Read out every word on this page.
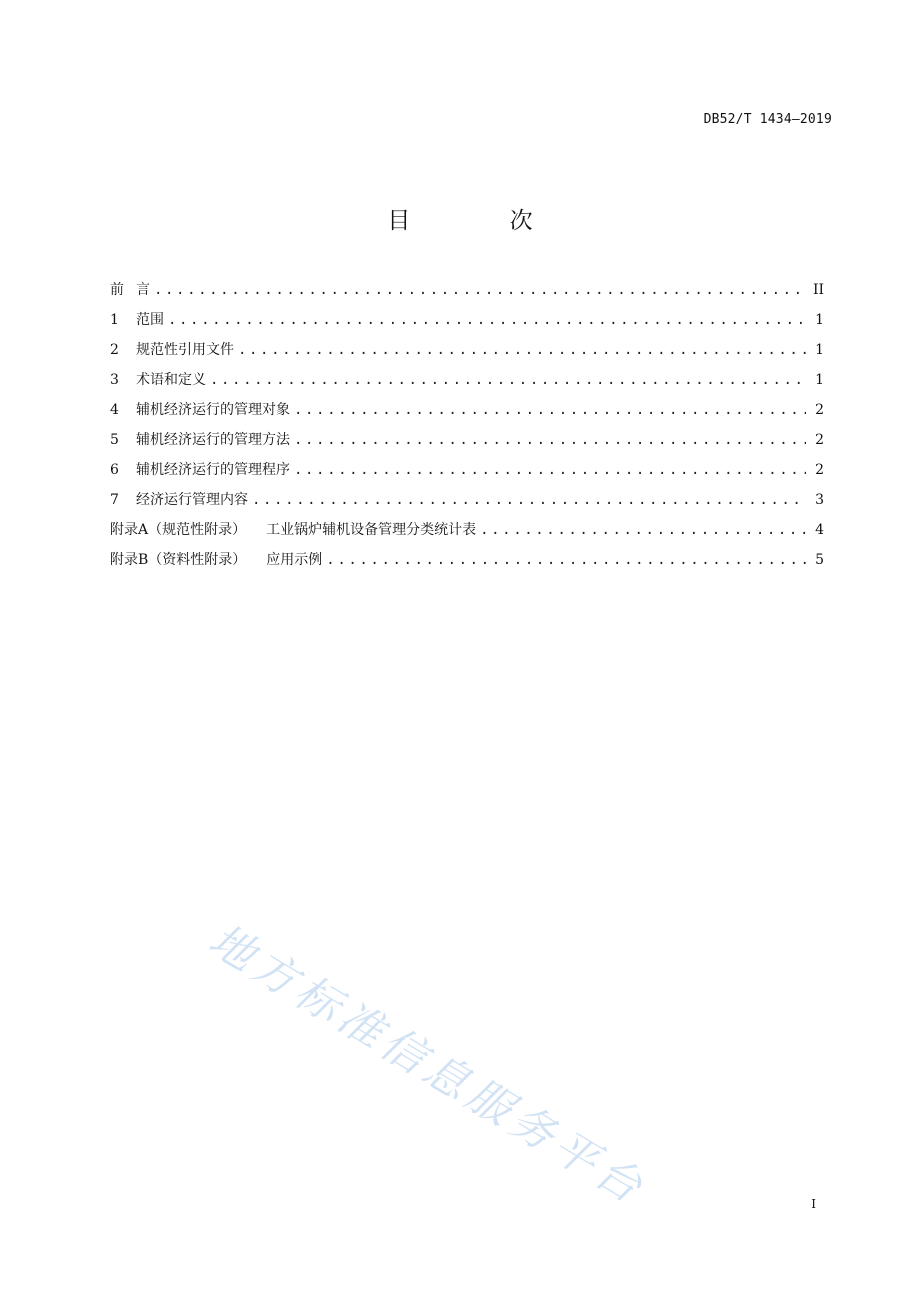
DB52/T 1434—2019
目 次
前 言 .....	II
1	范围 .....	1
2	规范性引用文件 .....	1
3	术语和定义 .....	1
4	辅机经济运行的管理对象 .....	2
5	辅机经济运行的管理方法 .....	2
6	辅机经济运行的管理程序 .....	2
7	经济运行管理内容 .....	3
附录A（规范性附录） 工业锅炉辅机设备管理分类统计表 .....	4
附录B（资料性附录） 应用示例 .....	5
地方标准信息服务平台	I
